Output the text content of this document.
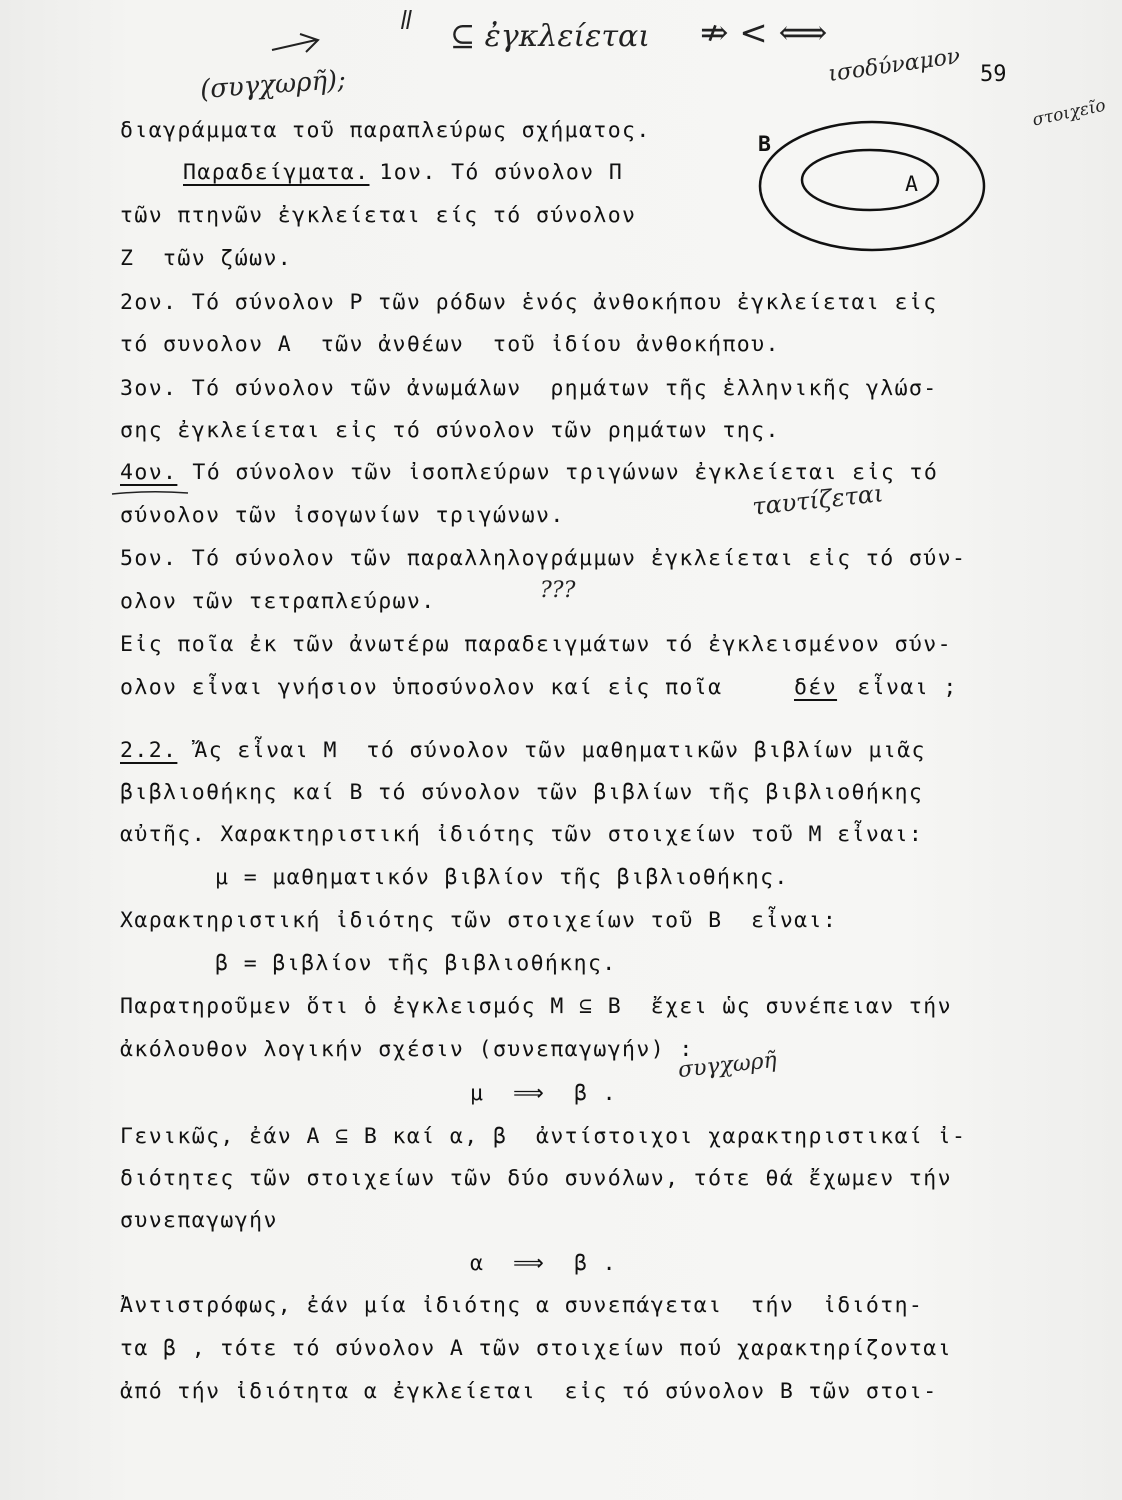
59
ǁ ⊆ ἐγκλείεται ⇏ < ⟺
ισοδύναμον
(συγχωρῆ);
στοιχεῖο
ταυτίζεται
???
συγχωρῆ
Β
Α
διαγράμματα τοῦ παραπλεύρως σχήματος.
Παραδείγματα.
1ον. Τό σύνολον Π
τῶν πτηνῶν ἐγκλείεται είς τό σύνολον
Ζ  τῶν ζώων.
2ον. Τό σύνολον Ρ τῶν ρόδων ἑνός ἀνθοκήπου ἐγκλείεται εἰς
τό συνολον Α  τῶν ἀνθέων  τοῦ ἰδίου ἀνθοκήπου.
3ον. Τό σύνολον τῶν ἀνωμάλων  ρημάτων τῆς ἑλληνικῆς γλώσ-
σης ἐγκλείεται εἰς τό σύνολον τῶν ρημάτων της.
4ον. Τό σύνολον τῶν ἰσοπλεύρων τριγώνων ἐγκλείεται εἰς τό
σύνολον τῶν ἰσογωνίων τριγώνων.
5ον. Τό σύνολον τῶν παραλληλογράμμων ἐγκλείεται εἰς τό σύν-
ολον τῶν τετραπλεύρων.
Εἰς ποῖα ἐκ τῶν ἀνωτέρω παραδειγμάτων τό ἐγκλεισμένον σύν-
ολον εἶναι γνήσιον ὑποσύνολον καί εἰς ποῖα	δέν εἶναι ;
2.2. Ἄς εἶναι Μ  τό σύνολον τῶν μαθηματικῶν βιβλίων μιᾶς
βιβλιοθήκης καί Β τό σύνολον τῶν βιβλίων τῆς βιβλιοθήκης
αὐτῆς. Χαρακτηριστική ἰδιότης τῶν στοιχείων τοῦ Μ εἶναι:
μ = μαθηματικόν βιβλίον τῆς βιβλιοθήκης.
Χαρακτηριστική ἰδιότης τῶν στοιχείων τοῦ Β  εἶναι:
β = βιβλίον τῆς βιβλιοθήκης.
Παρατηροῦμεν ὅτι ὁ ἐγκλεισμός Μ ⊆ Β  ἔχει ὡς συνέπειαν τήν
ἀκόλουθον λογικήν σχέσιν (συνεπαγωγήν) :
μ  ⟹  β .
Γενικῶς, ἐάν Α ⊆ Β καί α, β  ἀντίστοιχοι χαρακτηριστικαί ἰ-
διότητες τῶν στοιχείων τῶν δύο συνόλων, τότε θά ἔχωμεν τήν
συνεπαγωγήν
α  ⟹  β .
Ἀντιστρόφως, ἐάν μία ἰδιότης α συνεπάγεται  τήν  ἰδιότη-
τα β , τότε τό σύνολον Α τῶν στοιχείων πού χαρακτηρίζονται
ἀπό τήν ἰδιότητα α ἐγκλείεται  εἰς τό σύνολον Β τῶν στοι-
